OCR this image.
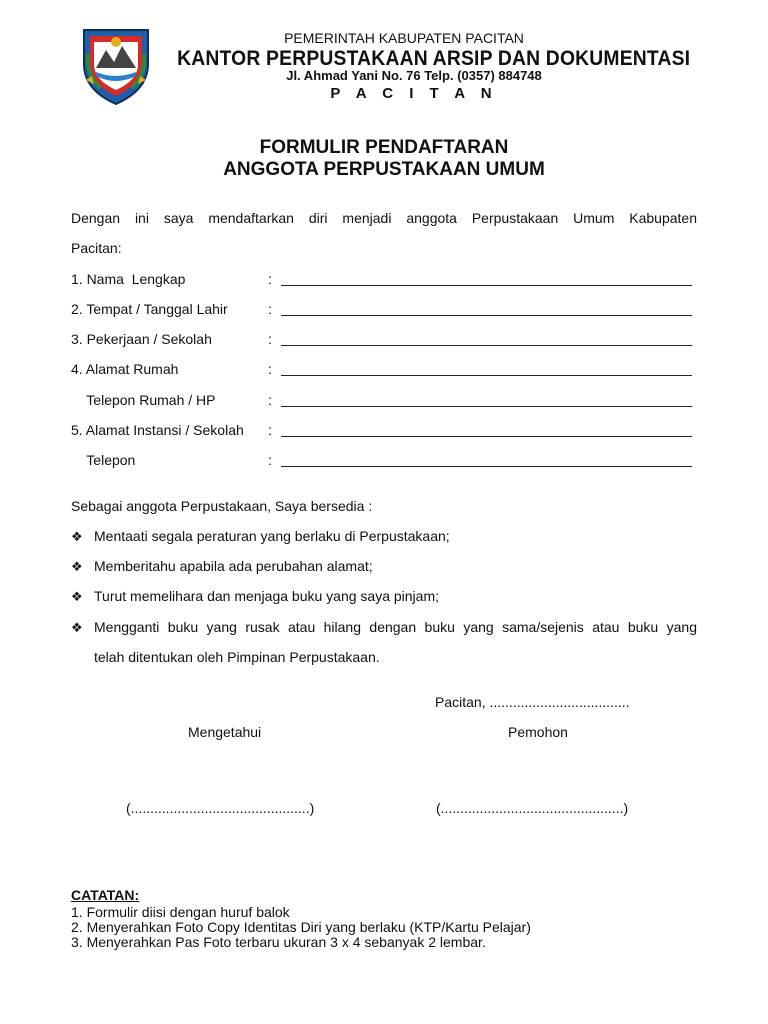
PEMERINTAH KABUPATEN PACITAN
KANTOR PERPUSTAKAAN ARSIP DAN DOKUMENTASI
Jl. Ahmad Yani No. 76 Telp. (0357) 884748
P A C I T A N
FORMULIR PENDAFTARAN
ANGGOTA PERPUSTAKAAN UMUM
Dengan ini saya mendaftarkan diri menjadi anggota Perpustakaan Umum Kabupaten
Pacitan:
1. Nama  Lengkap	:
2. Tempat / Tanggal Lahir	:
3. Pekerjaan / Sekolah	:
4. Alamat Rumah	:
Telepon Rumah / HP	:
5. Alamat Instansi / Sekolah :
Telepon	:
Sebagai anggota Perpustakaan, Saya bersedia :
❖ Mentaati segala peraturan yang berlaku di Perpustakaan;
❖ Memberitahu apabila ada perubahan alamat;
❖ Turut memelihara dan menjaga buku yang saya pinjam;
❖ Mengganti buku yang rusak atau hilang dengan buku yang sama/sejenis atau buku yang
telah ditentukan oleh Pimpinan Perpustakaan.
Pacitan, ....................................
Mengetahui	Pemohon
(..............................................)	(...............................................)
CATATAN:
1. Formulir diisi dengan huruf balok
2. Menyerahkan Foto Copy Identitas Diri yang berlaku (KTP/Kartu Pelajar)
3. Menyerahkan Pas Foto terbaru ukuran 3 x 4 sebanyak 2 lembar.
